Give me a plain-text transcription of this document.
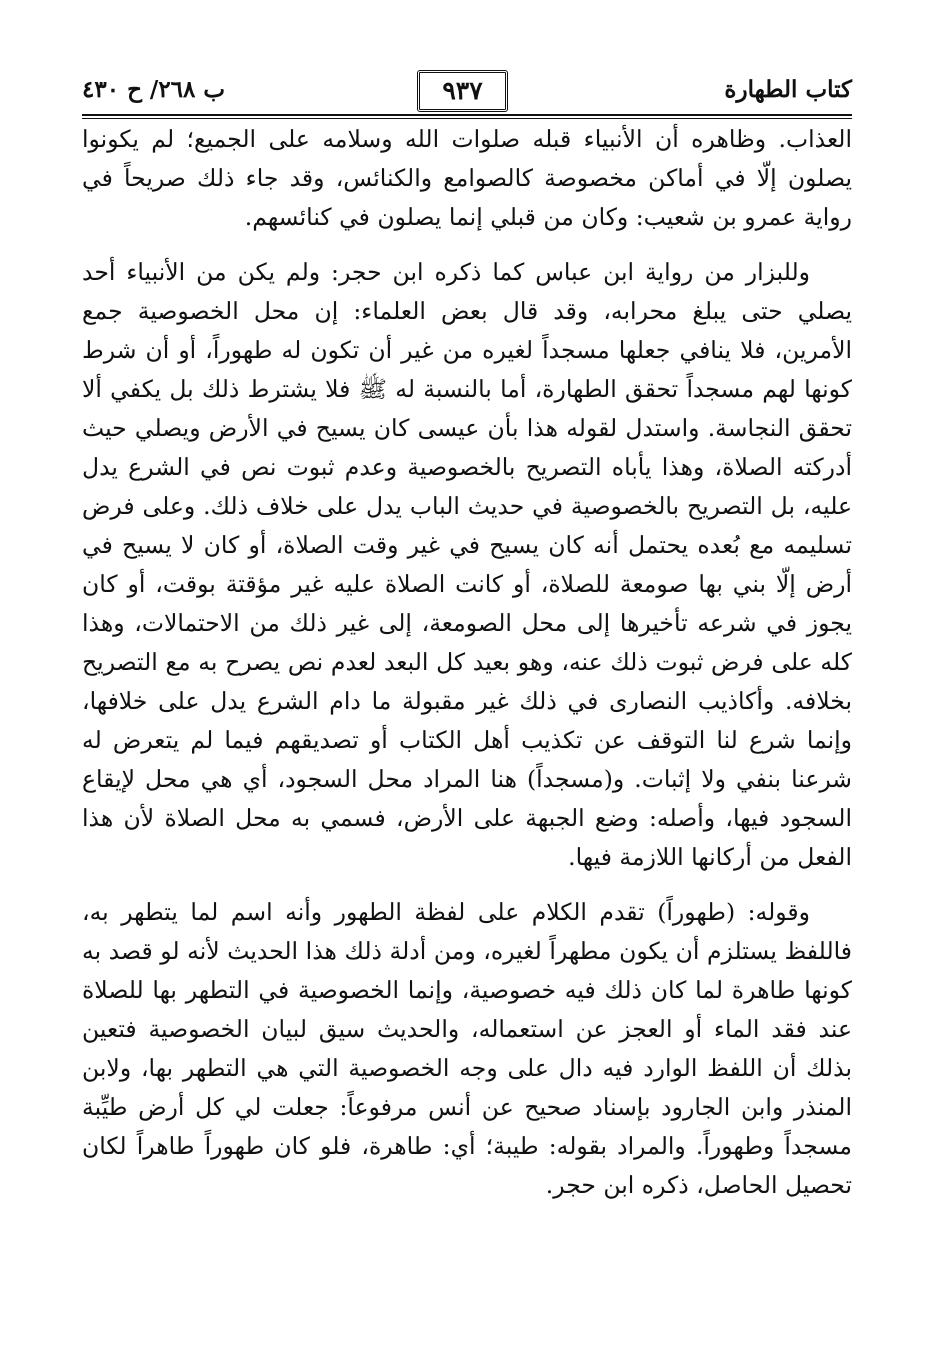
كتاب الطهارة
٩٣٧
ب ٢٦٨/ ح ٤٣٠

العذاب. وظاهره أن الأنبياء قبله صلوات الله وسلامه على الجميع؛ لم يكونوا يصلون إلّا في أماكن مخصوصة كالصوامع والكنائس، وقد جاء ذلك صريحاً في رواية عمرو بن شعيب: وكان من قبلي إنما يصلون في كنائسهم.

وللبزار من رواية ابن عباس كما ذكره ابن حجر: ولم يكن من الأنبياء أحد يصلي حتى يبلغ محرابه، وقد قال بعض العلماء: إن محل الخصوصية جمع الأمرين، فلا ينافي جعلها مسجداً لغيره من غير أن تكون له طهوراً، أو أن شرط كونها لهم مسجداً تحقق الطهارة، أما بالنسبة له ﷺ فلا يشترط ذلك بل يكفي ألا تحقق النجاسة. واستدل لقوله هذا بأن عيسى كان يسيح في الأرض ويصلي حيث أدركته الصلاة، وهذا يأباه التصريح بالخصوصية وعدم ثبوت نص في الشرع يدل عليه، بل التصريح بالخصوصية في حديث الباب يدل على خلاف ذلك. وعلى فرض تسليمه مع بُعده يحتمل أنه كان يسيح في غير وقت الصلاة، أو كان لا يسيح في أرض إلّا بني بها صومعة للصلاة، أو كانت الصلاة عليه غير مؤقتة بوقت، أو كان يجوز في شرعه تأخيرها إلى محل الصومعة، إلى غير ذلك من الاحتمالات، وهذا كله على فرض ثبوت ذلك عنه، وهو بعيد كل البعد لعدم نص يصرح به مع التصريح بخلافه. وأكاذيب النصارى في ذلك غير مقبولة ما دام الشرع يدل على خلافها، وإنما شرع لنا التوقف عن تكذيب أهل الكتاب أو تصديقهم فيما لم يتعرض له شرعنا بنفي ولا إثبات. و(مسجداً) هنا المراد محل السجود، أي هي محل لإيقاع السجود فيها، وأصله: وضع الجبهة على الأرض، فسمي به محل الصلاة لأن هذا الفعل من أركانها اللازمة فيها.

وقوله: (طهوراً) تقدم الكلام على لفظة الطهور وأنه اسم لما يتطهر به، فاللفظ يستلزم أن يكون مطهراً لغيره، ومن أدلة ذلك هذا الحديث لأنه لو قصد به كونها طاهرة لما كان ذلك فيه خصوصية، وإنما الخصوصية في التطهر بها للصلاة عند فقد الماء أو العجز عن استعماله، والحديث سيق لبيان الخصوصية فتعين بذلك أن اللفظ الوارد فيه دال على وجه الخصوصية التي هي التطهر بها، ولابن المنذر وابن الجارود بإسناد صحيح عن أنس مرفوعاً: جعلت لي كل أرض طيِّبة مسجداً وطهوراً. والمراد بقوله: طيبة؛ أي: طاهرة، فلو كان طهوراً طاهراً لكان تحصيل الحاصل، ذكره ابن حجر.
